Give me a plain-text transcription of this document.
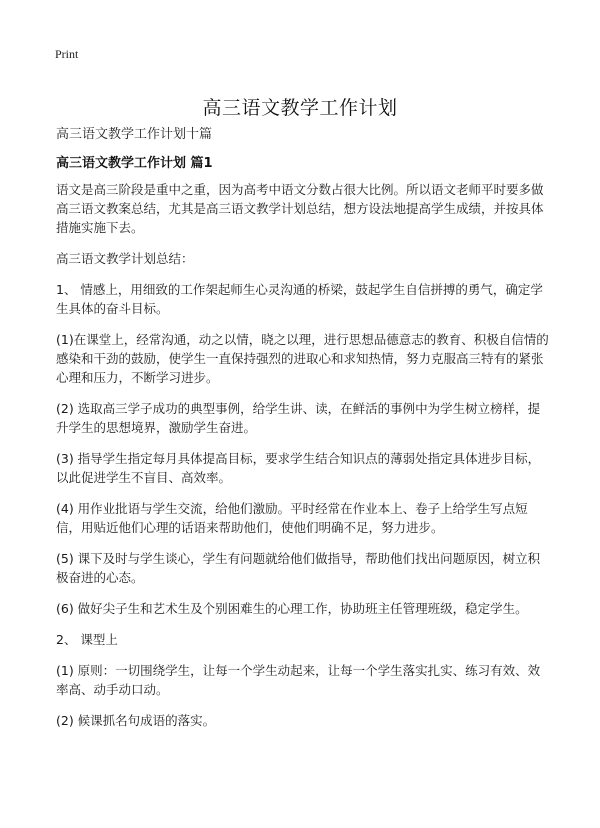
Print
高三语文教学工作计划
高三语文教学工作计划十篇
高三语文教学工作计划 篇1

语文是高三阶段是重中之重，因为高考中语文分数占很大比例。所以语文老师平时要多做高三语文教案总结，尤其是高三语文教学计划总结，想方设法地提高学生成绩，并按具体措施实施下去。

高三语文教学计划总结：

1、 情感上，用细致的工作架起师生心灵沟通的桥梁，鼓起学生自信拼搏的勇气，确定学生具体的奋斗目标。

(1)在课堂上，经常沟通，动之以情，晓之以理，进行思想品德意志的教育、积极自信情的感染和干劲的鼓励，使学生一直保持强烈的进取心和求知热情，努力克服高三特有的紧张心理和压力，不断学习进步。

(2) 选取高三学子成功的典型事例，给学生讲、读，在鲜活的事例中为学生树立榜样，提升学生的思想境界，激励学生奋进。

(3) 指导学生指定每月具体提高目标，要求学生结合知识点的薄弱处指定具体进步目标，以此促进学生不盲目、高效率。

(4) 用作业批语与学生交流，给他们激励。平时经常在作业本上、卷子上给学生写点短信，用贴近他们心理的话语来帮助他们，使他们明确不足，努力进步。

(5) 课下及时与学生谈心，学生有问题就给他们做指导，帮助他们找出问题原因，树立积极奋进的心态。

(6) 做好尖子生和艺术生及个别困难生的心理工作，协助班主任管理班级，稳定学生。

2、 课型上

(1) 原则：一切围绕学生，让每一个学生动起来，让每一个学生落实扎实、练习有效、效率高、动手动口动。

(2) 候课抓名句成语的落实。
